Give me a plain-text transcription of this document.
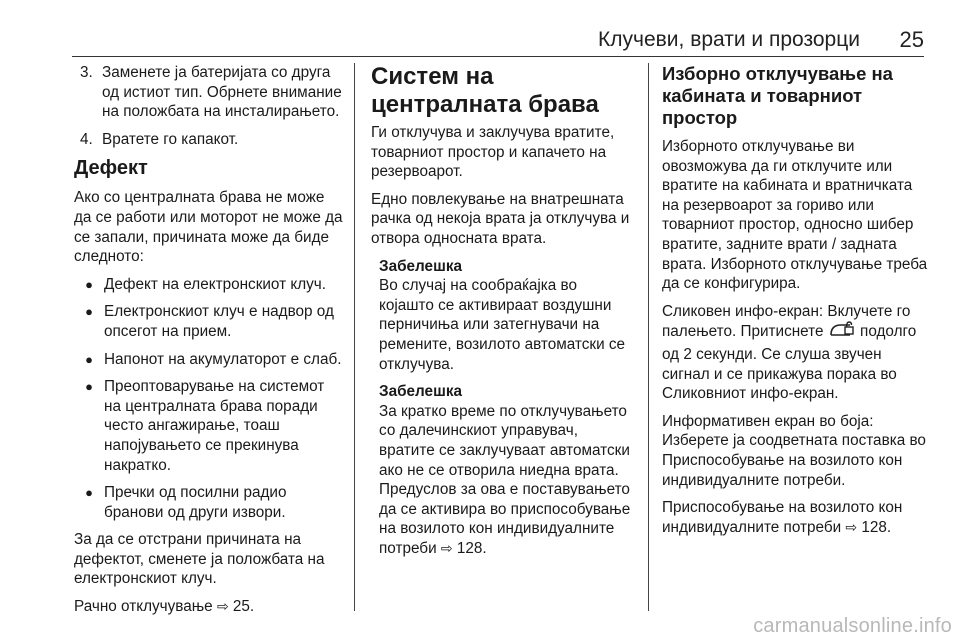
Клучеви, врати и прозорци 25
3. Заменете ја батеријата со друга од истиот тип. Обрнете внимание на положбата на инсталирањето.
4. Вратете го капакот.
Дефект

Ако со централната брава не може да се работи или моторот не може да се запали, причината може да биде следното:

● Дефект на електронскиот клуч.
● Електронскиот клуч е надвор од опсегот на прием.
● Напонот на акумулаторот е слаб.
● Преоптоварување на системот на централната брава поради често ангажирање, тоаш напојувањето се прекинува накратко.
● Пречки од посилни радио бранови од други извори.

За да се отстрани причината на дефектот, сменете ја положбата на електронскиот клуч.

Рачно отклучување ⇨ 25.

Систем на централната брава

Ги отклучува и заклучува вратите, товарниот простор и капачето на резервоарот.

Едно повлекување на внатрешната рачка од некоја врата ја отклучува и отвора односната врата.

Забелешка

Во случај на сообраќајка во којашто се активираат воздушни перничиња или затегнувачи на ремените, возилото автоматски се отклучува.

Забелешка
За кратко време по отклучувањето со далечинскиот управувач, вратите се заклучуваат автоматски ако не се отворила ниедна врата.

Предуслов за ова е поставувањето да се активира во приспособување на возилото кон индивидуалните потреби ⇨ 128.

Изборно отклучување на кабината и товарниот простор

Изборното отклучување ви овозможува да ги отклучите или вратите на кабината и вратничката на резервоарот за гориво или товарниот простор, односно шибер вратите, задните врати / задната врата. Изборното отклучување треба да се конфигурира.

Сликовен инфо-екран: Вклучете го палењето. Притиснете подолго од 2 секунди. Се слуша звучен сигнал и се прикажува порака во Сликовниот инфо-екран.

Информативен екран во боја: Изберете ја соодветната поставка во Приспособување на возилото кон индивидуалните потреби.

Приспособување на возилото кон индивидуалните потреби ⇨ 128.

carmanualsonline.info
